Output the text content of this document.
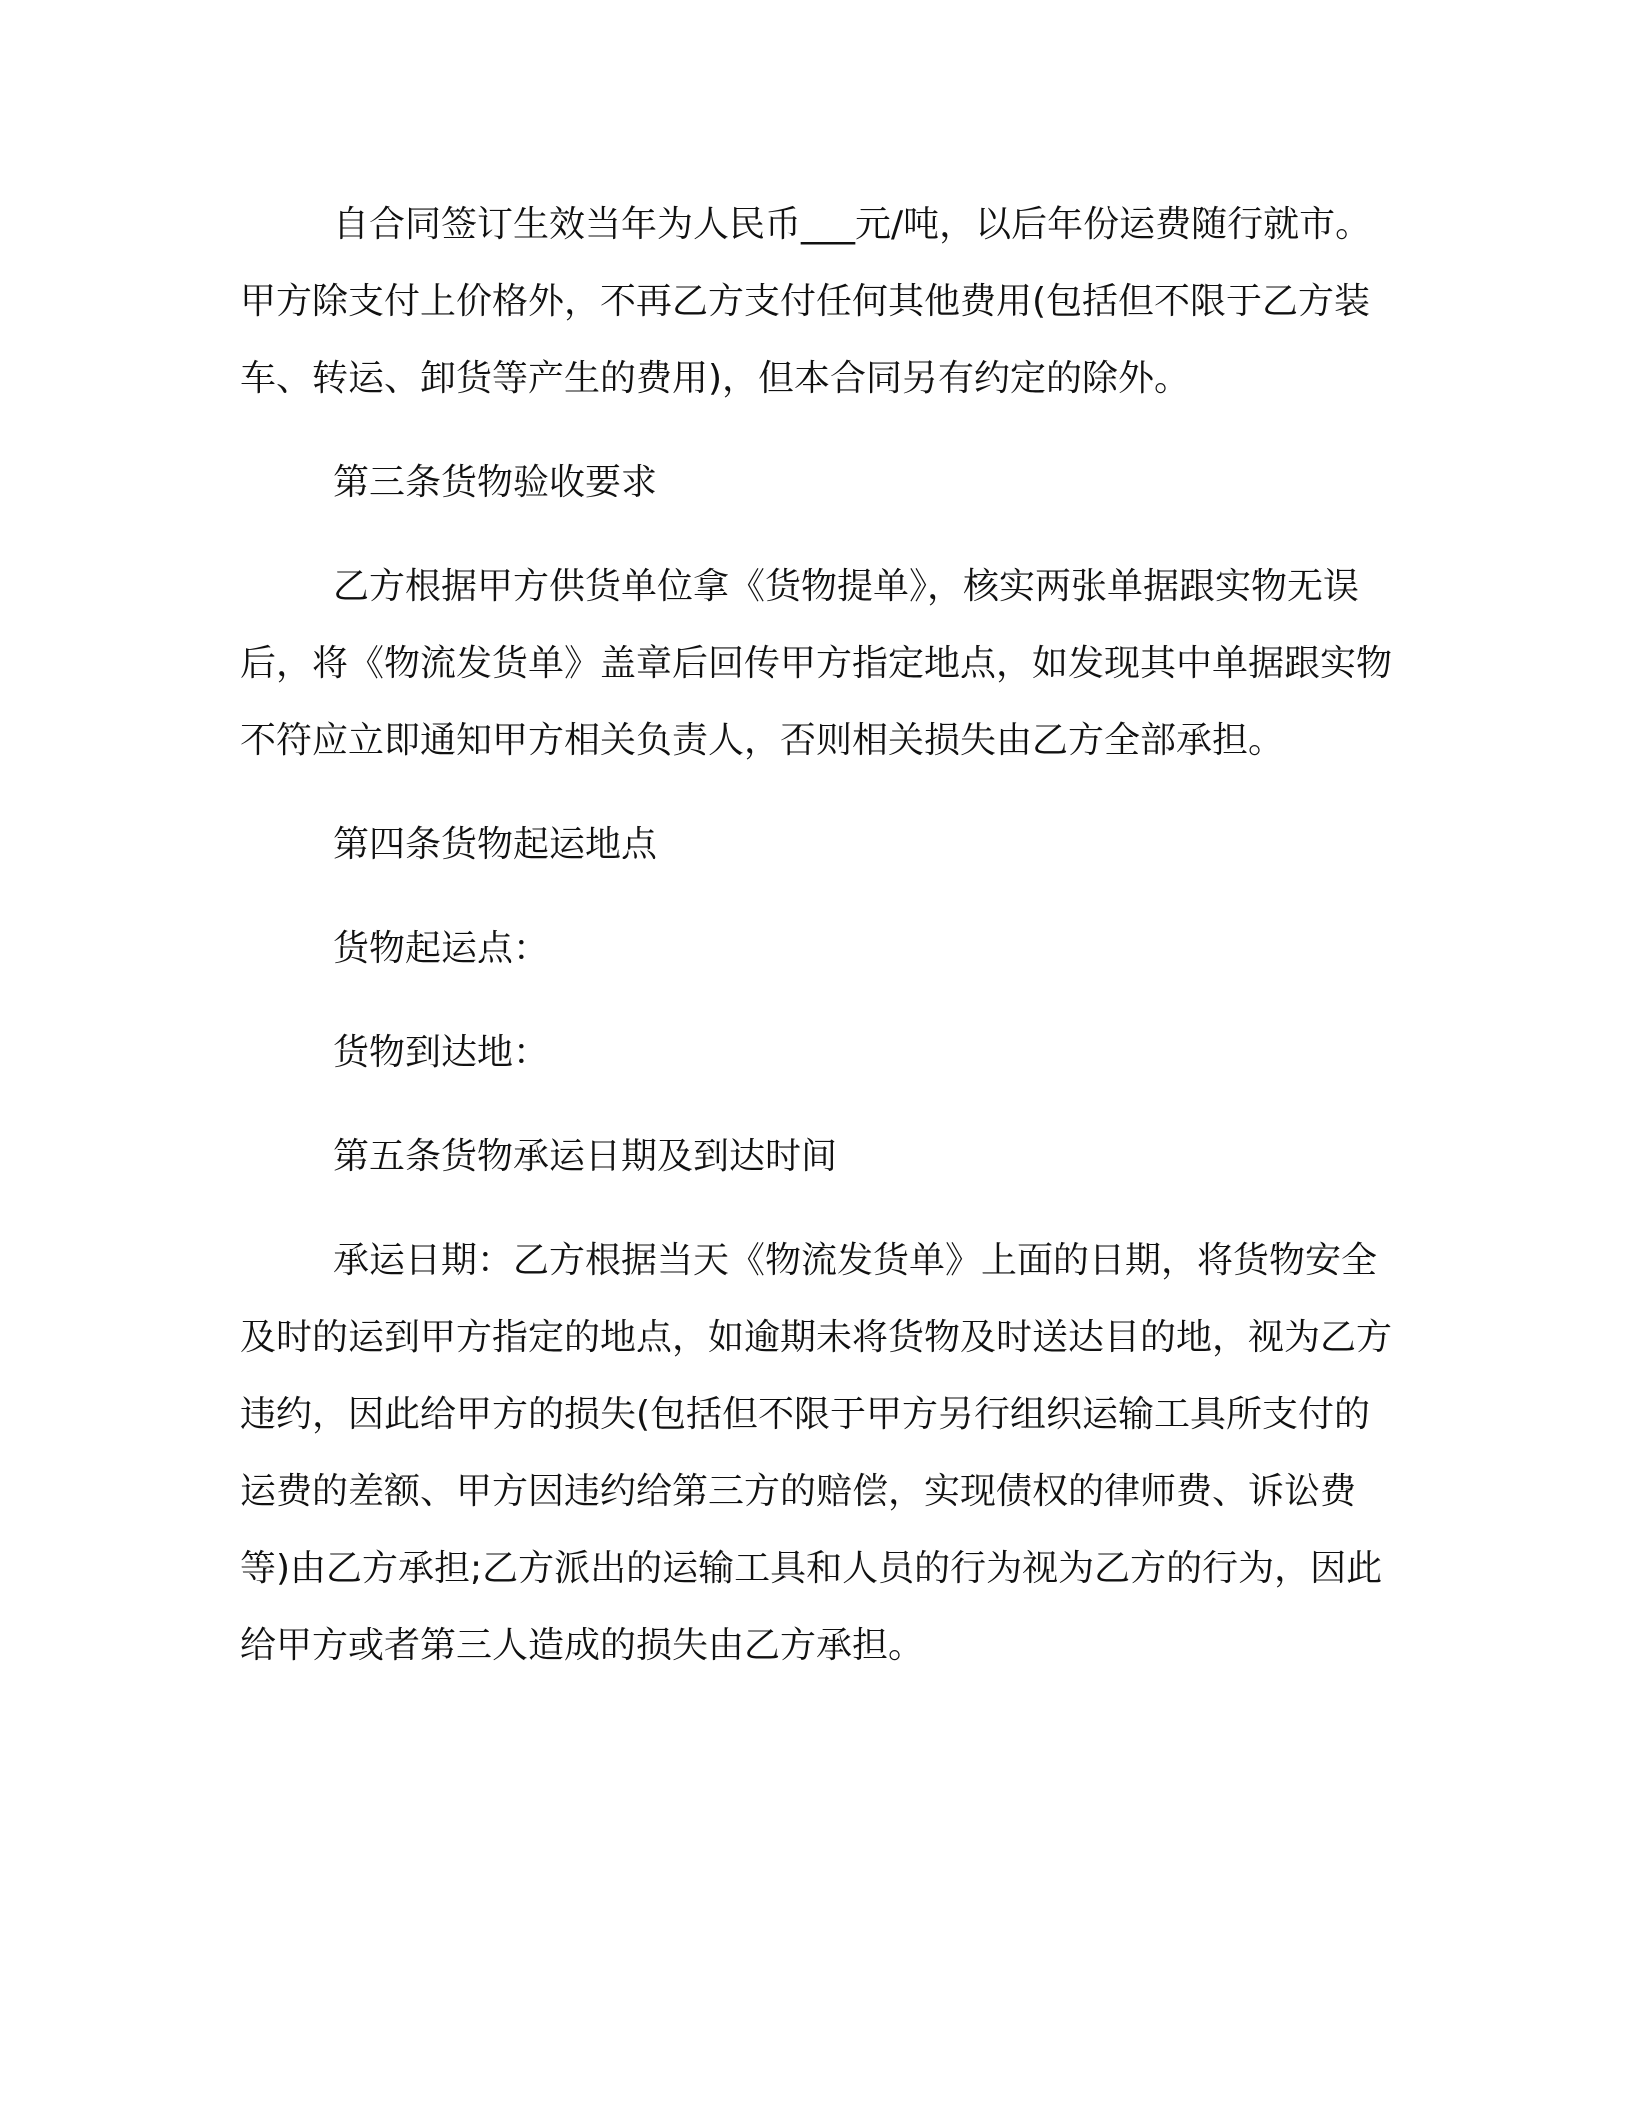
自合同签订生效当年为人民币___元/吨，以后年份运费随行就市。甲方除支付上价格外，不再乙方支付任何其他费用(包括但不限于乙方装车、转运、卸货等产生的费用)，但本合同另有约定的除外。

第三条货物验收要求

乙方根据甲方供货单位拿《货物提单》，核实两张单据跟实物无误后，将《物流发货单》盖章后回传甲方指定地点，如发现其中单据跟实物不符应立即通知甲方相关负责人，否则相关损失由乙方全部承担。

第四条货物起运地点

货物起运点：

货物到达地：

第五条货物承运日期及到达时间

承运日期：乙方根据当天《物流发货单》上面的日期，将货物安全及时的运到甲方指定的地点，如逾期未将货物及时送达目的地，视为乙方违约，因此给甲方的损失(包括但不限于甲方另行组织运输工具所支付的运费的差额、甲方因违约给第三方的赔偿，实现债权的律师费、诉讼费等)由乙方承担;乙方派出的运输工具和人员的行为视为乙方的行为，因此给甲方或者第三人造成的损失由乙方承担。
